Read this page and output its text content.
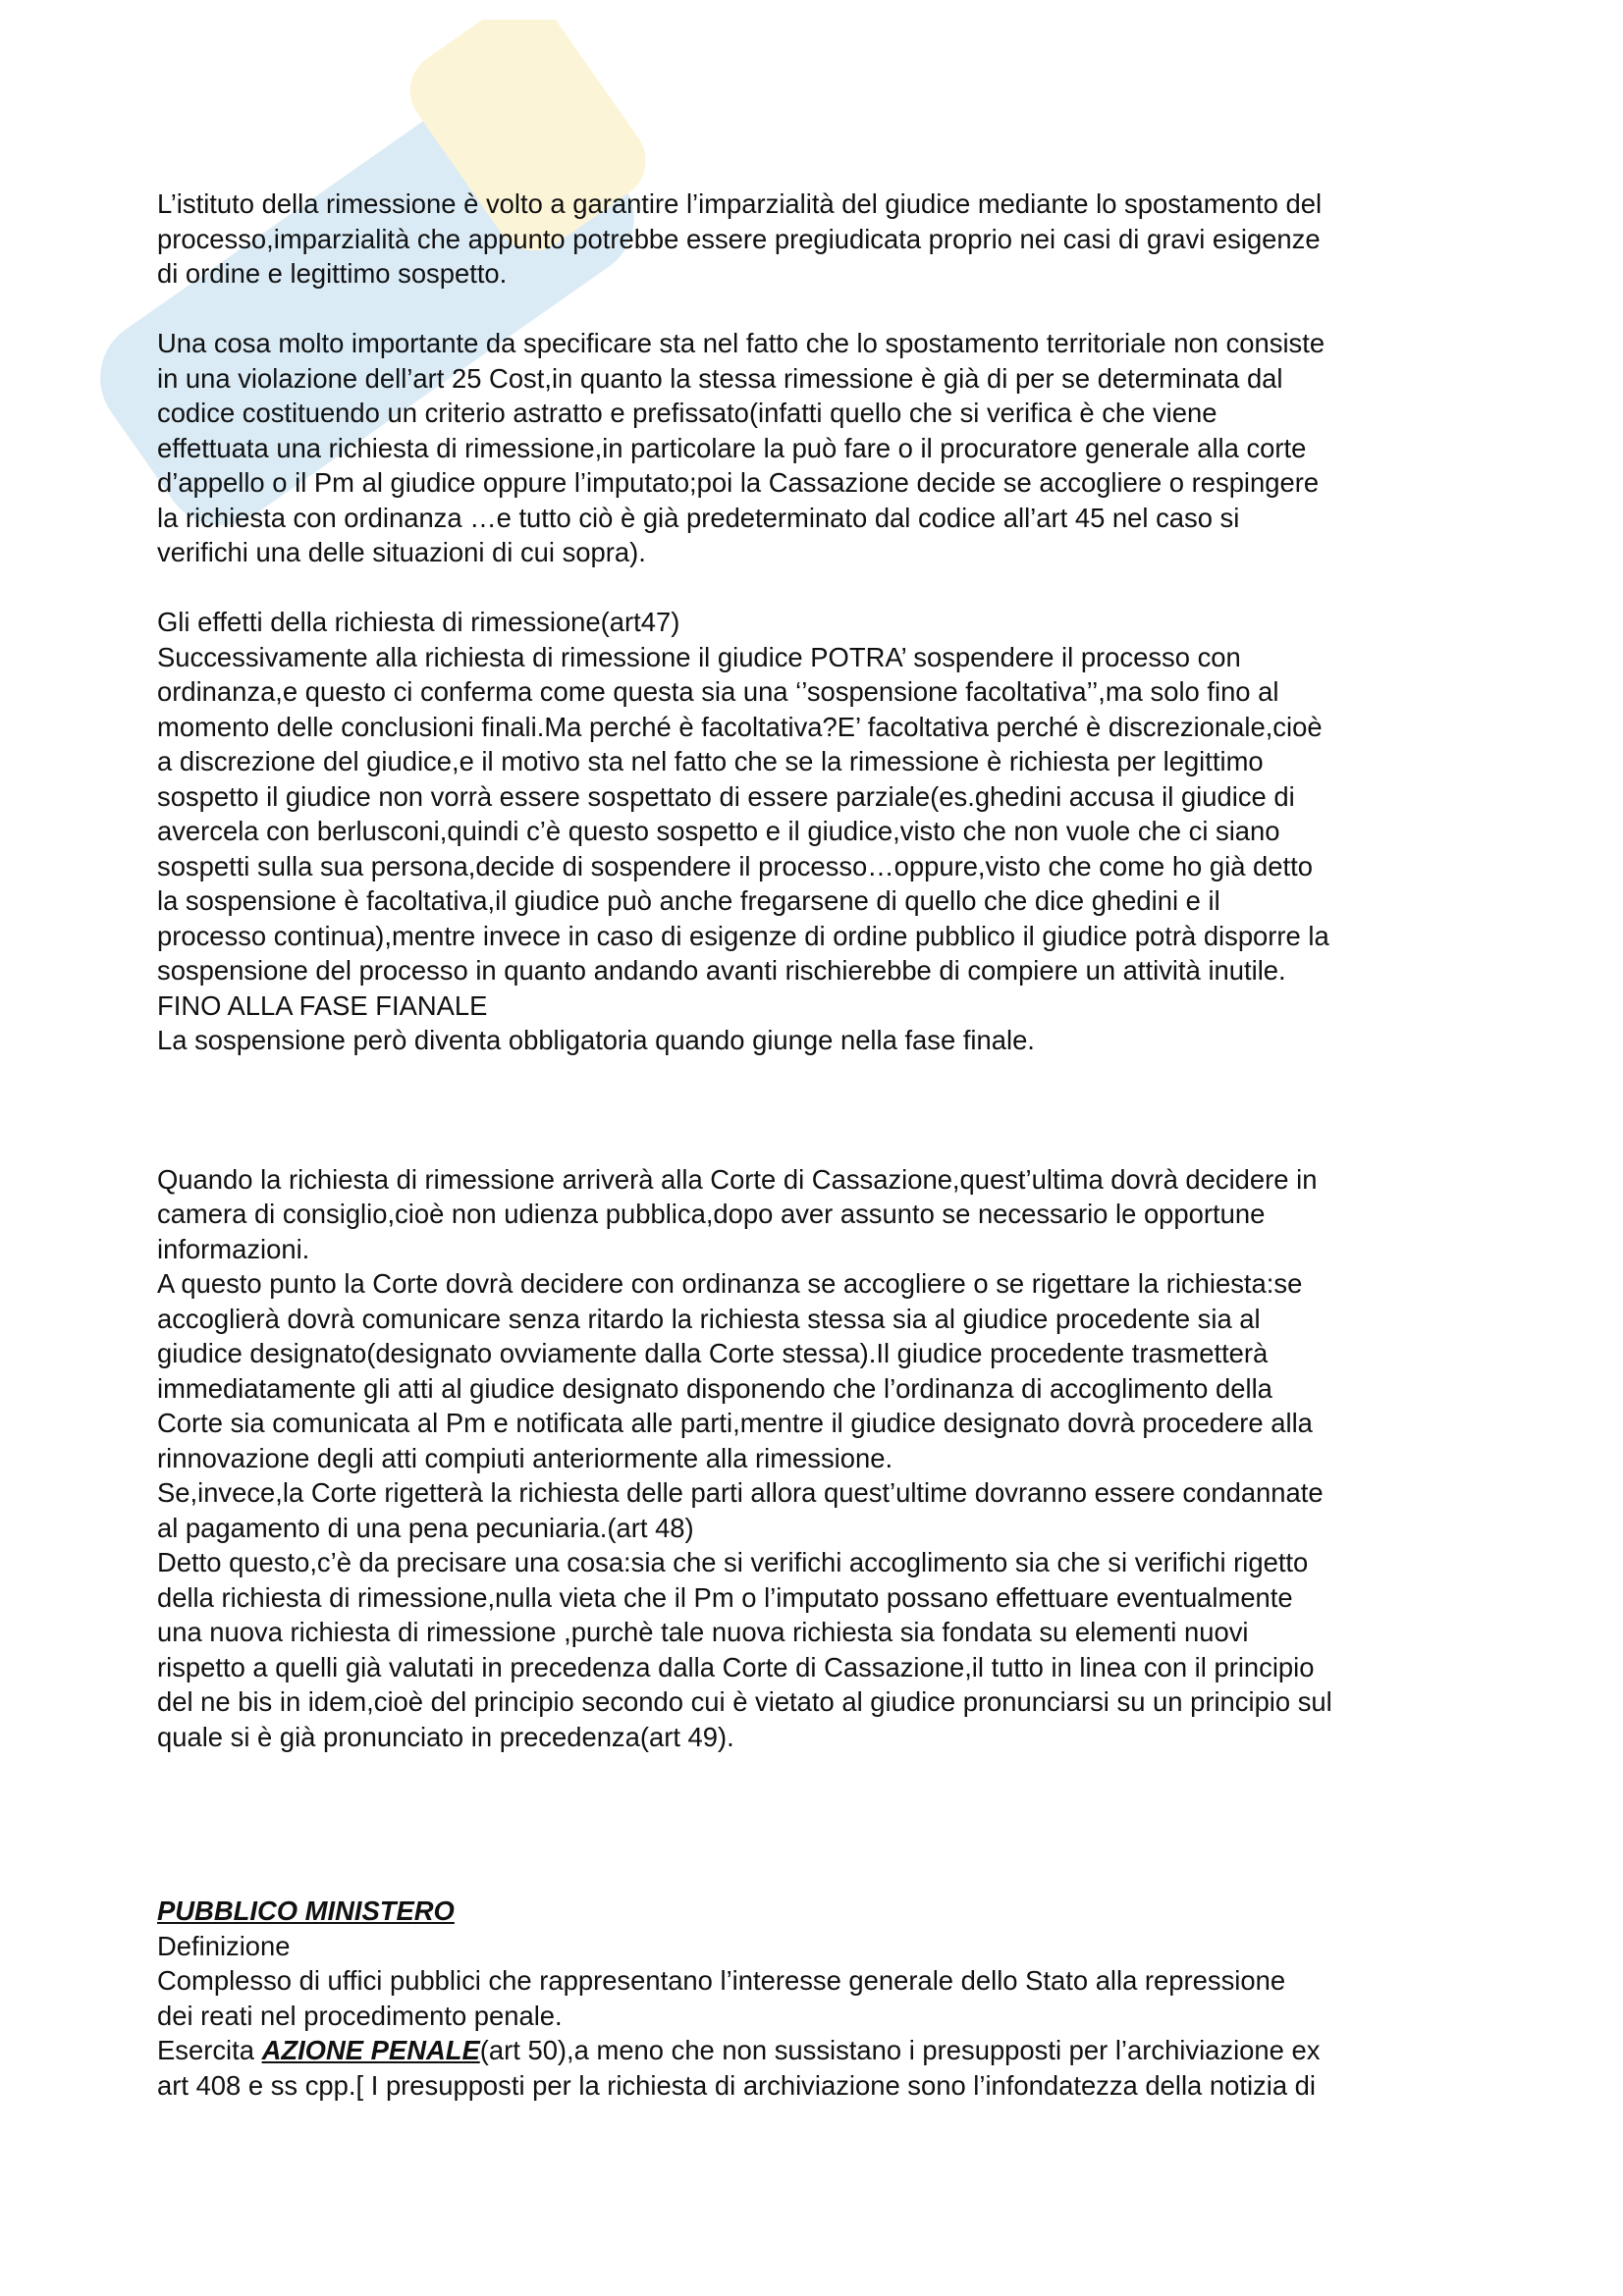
L’istituto della rimessione è volto a garantire l’imparzialità del giudice mediante lo spostamento del
processo,imparzialità che appunto potrebbe essere pregiudicata proprio nei casi di gravi esigenze
di ordine e legittimo sospetto.

Una cosa molto importante da specificare sta nel fatto che lo spostamento territoriale non consiste
in una violazione dell’art 25 Cost,in quanto la stessa rimessione è già di per se determinata dal
codice costituendo un criterio astratto e prefissato(infatti quello che si verifica è che viene
effettuata una richiesta di rimessione,in particolare la può fare o il procuratore generale alla corte
d’appello o il Pm al giudice oppure l’imputato;poi la Cassazione decide se accogliere o respingere
la richiesta con ordinanza …e tutto ciò è già predeterminato dal codice all’art 45 nel caso si
verifichi una delle situazioni di cui sopra).

Gli effetti della richiesta di rimessione(art47)

Successivamente alla richiesta di rimessione il giudice POTRA’ sospendere il processo con
ordinanza,e questo ci conferma come questa sia una ‘’sospensione facoltativa’’,ma solo fino al
momento delle conclusioni finali.Ma perché è facoltativa?E’ facoltativa perché è discrezionale,cioè
a discrezione del giudice,e il motivo sta nel fatto che se la rimessione è richiesta per legittimo
sospetto il giudice non vorrà essere sospettato di essere parziale(es.ghedini accusa il giudice di
avercela con berlusconi,quindi c’è questo sospetto e il giudice,visto che non vuole che ci siano
sospetti sulla sua persona,decide di sospendere il processo…oppure,visto che come ho già detto
la sospensione è facoltativa,il giudice può anche fregarsene di quello che dice ghedini e il
processo continua),mentre invece in caso di esigenze di ordine pubblico il giudice potrà disporre la
sospensione del processo in quanto andando avanti rischierebbe di compiere un attività inutile.

FINO ALLA FASE FIANALE

La sospensione però diventa obbligatoria quando giunge nella fase finale.

Quando la richiesta di rimessione arriverà alla Corte di Cassazione,quest’ultima dovrà decidere in
camera di consiglio,cioè non udienza pubblica,dopo aver assunto se necessario le opportune
informazioni.

A questo punto la Corte dovrà decidere con ordinanza se accogliere o se rigettare la richiesta:se
accoglierà dovrà comunicare senza ritardo la richiesta stessa sia al giudice procedente sia al
giudice designato(designato ovviamente dalla Corte stessa).Il giudice procedente trasmetterà
immediatamente gli atti al giudice designato disponendo che l’ordinanza di accoglimento della
Corte sia comunicata al Pm e notificata alle parti,mentre il giudice designato dovrà procedere alla
rinnovazione degli atti compiuti anteriormente alla rimessione.

Se,invece,la Corte rigetterà la richiesta delle parti allora quest’ultime dovranno essere condannate
al pagamento di una pena pecuniaria.(art 48)

Detto questo,c’è da precisare una cosa:sia che si verifichi accoglimento sia che si verifichi rigetto
della richiesta di rimessione,nulla vieta che il Pm o l’imputato possano effettuare eventualmente
una nuova richiesta di rimessione ,purchè tale nuova richiesta sia fondata su elementi nuovi
rispetto a quelli già valutati in precedenza dalla Corte di Cassazione,il tutto in linea con il principio
del ne bis in idem,cioè del principio secondo cui è vietato al giudice pronunciarsi su un principio sul
quale si è già pronunciato in precedenza(art 49).

PUBBLICO MINISTERO

Definizione

Complesso di uffici pubblici che rappresentano l’interesse generale dello Stato alla repressione
dei reati nel procedimento penale.

Esercita AZIONE PENALE(art 50),a meno che non sussistano i presupposti per l’archiviazione ex
art 408 e ss cpp.[ I presupposti per la richiesta di archiviazione sono l’infondatezza della notizia di
